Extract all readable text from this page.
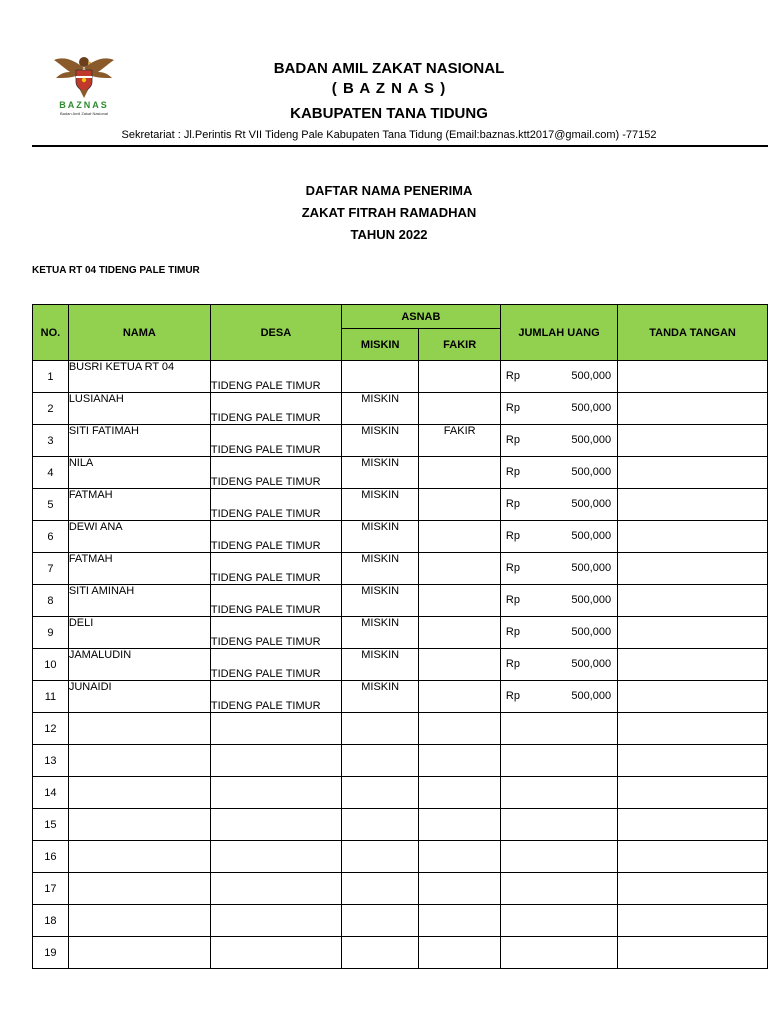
BAZNAS
Badan Amil Zakat Nasional
BADAN AMIL ZAKAT NASIONAL
( B A Z N A S )
KABUPATEN TANA TIDUNG
Sekretariat : Jl.Perintis Rt VII Tideng Pale Kabupaten Tana Tidung (Email:baznas.ktt2017@gmail.com) -77152
DAFTAR NAMA PENERIMA
ZAKAT FITRAH RAMADHAN
TAHUN 2022
KETUA RT 04 TIDENG PALE TIMUR
NO.	NAMA	DESA	ASNAB		JUMLAH UANG	TANDA TANGAN
			MISKIN	FAKIR		
1	BUSRI KETUA RT 04	TIDENG PALE TIMUR			Rp 500,000	

2	LUSIANAH	TIDENG PALE TIMUR	MISKIN		Rp 500,000	

3	SITI FATIMAH	TIDENG PALE TIMUR	MISKIN	FAKIR	Rp 500,000	

4	NILA	TIDENG PALE TIMUR	MISKIN		Rp 500,000	

5	FATMAH	TIDENG PALE TIMUR	MISKIN		Rp 500,000	

6	DEWI ANA	TIDENG PALE TIMUR	MISKIN		Rp 500,000	

7	FATMAH	TIDENG PALE TIMUR	MISKIN		Rp 500,000	

8	SITI AMINAH	TIDENG PALE TIMUR	MISKIN		Rp 500,000	

9	DELI	TIDENG PALE TIMUR	MISKIN		Rp 500,000	

10	JAMALUDIN	TIDENG PALE TIMUR	MISKIN		Rp 500,000	

11	JUNAIDI	TIDENG PALE TIMUR	MISKIN		Rp 500,000	

12					

13					

14					

15					

16					

17					

18					

19					
